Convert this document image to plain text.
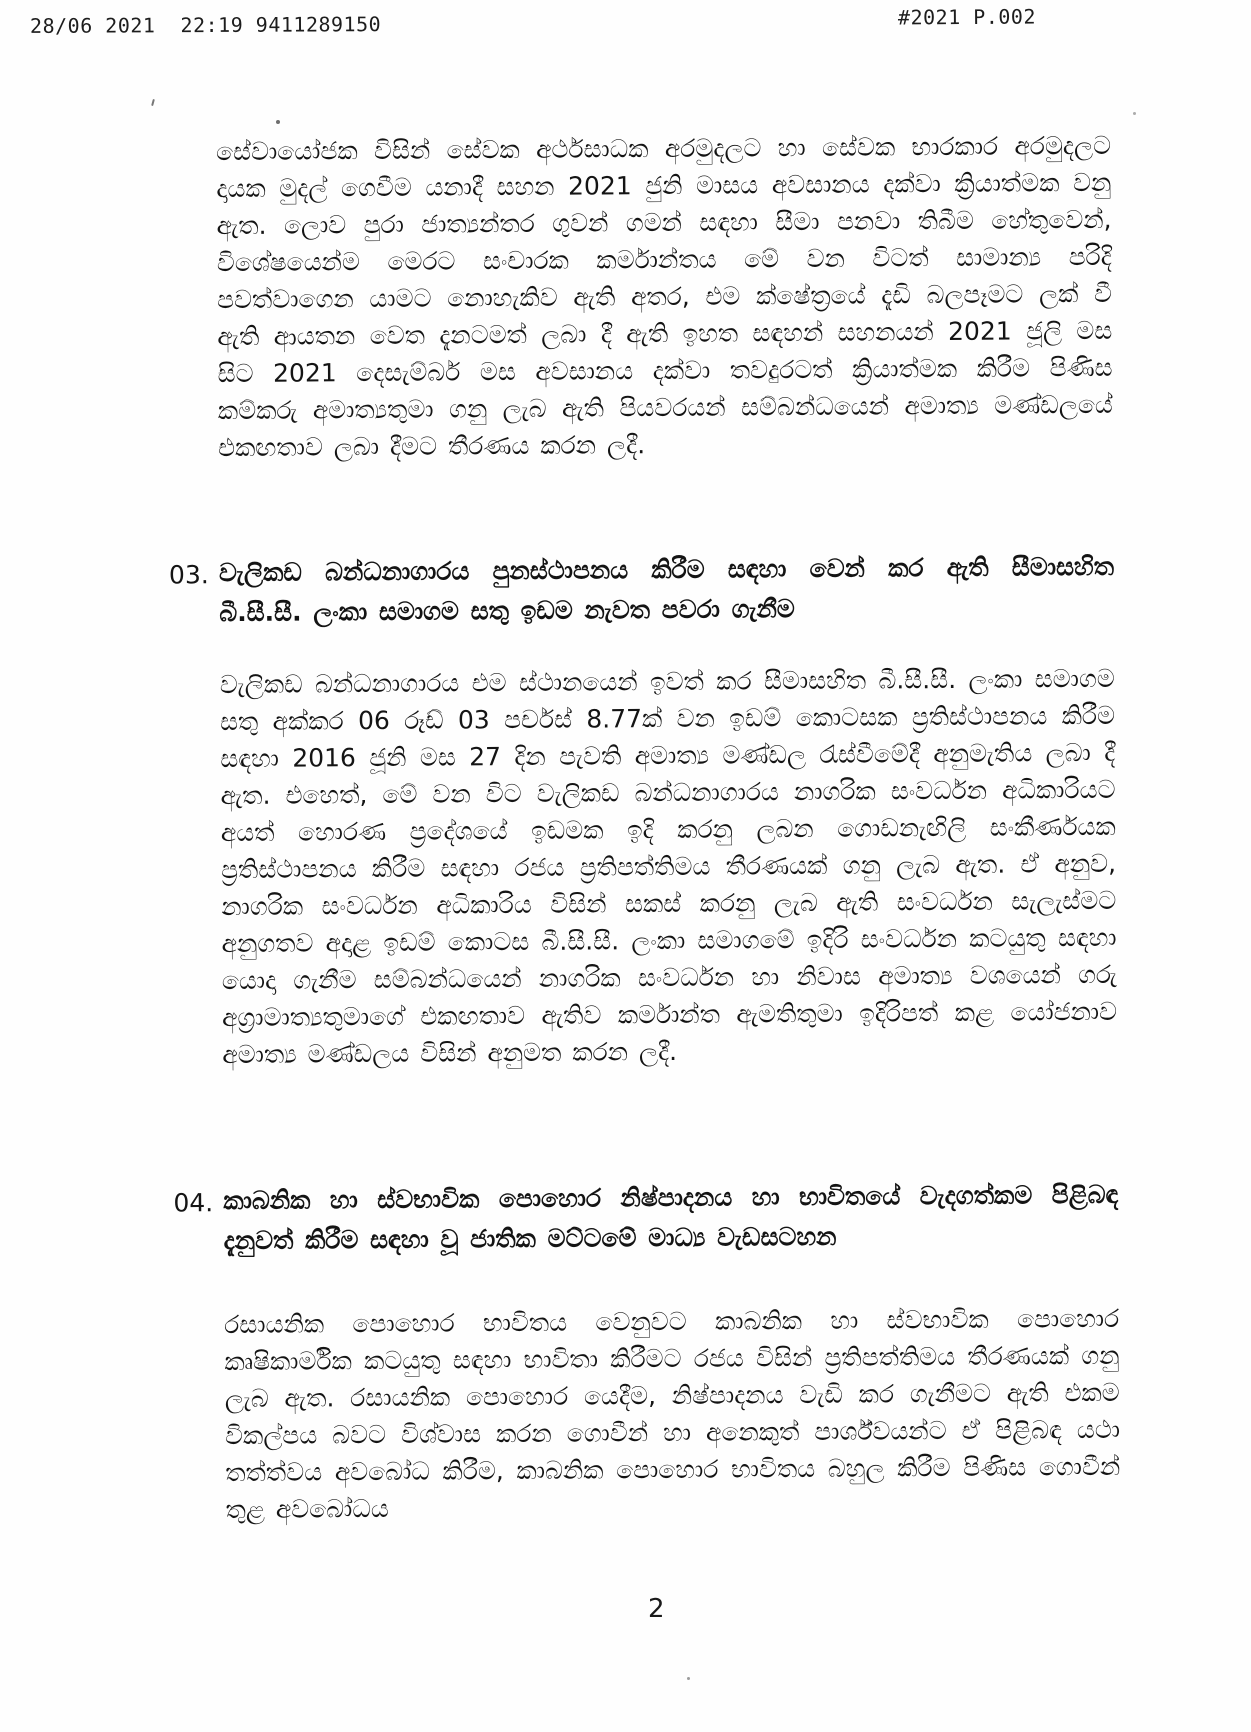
28/06 2021  22:19 9411289150	#2021 P.002

සේවායෝජක විසින් සේවක අර්ථසාධක අරමුදලට හා සේවක භාරකාර අරමුදලට දායක මුදල් ගෙවීම යනාදී සහන 2021 ජුනි මාසය අවසානය දක්වා ක්‍රියාත්මක වනු ඇත. ලොව පුරා ජාත්‍යන්තර ගුවන් ගමන් සඳහා සීමා පනවා තිබීම හේතුවෙන්, විශේෂයෙන්ම මෙරට සංචාරක කර්මාන්තය මේ වන විටත් සාමාන්‍ය පරිදි පවත්වාගෙන යාමට නොහැකිව ඇති අතර, එම ක්ෂේත්‍රයේ දැඩි බලපෑමට ලක් වී ඇති ආයතන වෙත දැනටමත් ලබා දී ඇති ඉහත සඳහන් සහනයන් 2021 ජූලි මස සිට 2021 දෙසැම්බර් මස අවසානය දක්වා තවදුරටත් ක්‍රියාත්මක කිරීම පිණිස කම්කරු අමාත්‍යතුමා ගනු ලැබ ඇති පියවරයන් සම්බන්ධයෙන් අමාත්‍ය මණ්ඩලයේ එකඟතාව ලබා දීමට තීරණය කරන ලදී.

03. වැලිකඩ බන්ධනාගාරය පුනස්ථාපනය කිරීම සඳහා වෙන් කර ඇති සීමාසහිත බී.සී.සී. ලංකා සමාගම සතු ඉඩම නැවත පවරා ගැනීම

වැලිකඩ බන්ධනාගාරය එම ස්ථානයෙන් ඉවත් කර සීමාසහිත බී.සී.සී. ලංකා සමාගම සතු අක්කර 06 රූඩ් 03 පර්චස් 8.77ක් වන ඉඩම් කොටසක ප්‍රතිස්ථාපනය කිරීම සඳහා 2016 ජූනි මස 27 දින පැවති අමාත්‍ය මණ්ඩල රැස්වීමේදී අනුමැතිය ලබා දී ඇත. එහෙත්, මේ වන විට වැලිකඩ බන්ධනාගාරය නාගරික සංවර්ධන අධිකාරියට අයත් හොරණ ප්‍රදේශයේ ඉඩමක ඉදි කරනු ලබන ගොඩනැඟිලි සංකීර්ණයක ප්‍රතිස්ථාපනය කිරීම සඳහා රජය ප්‍රතිපත්තිමය තීරණයක් ගනු ලැබ ඇත. ඒ අනුව, නාගරික සංවර්ධන අධිකාරිය විසින් සකස් කරනු ලැබ ඇති සංවර්ධන සැලැස්මට අනුගතව අදාළ ඉඩම් කොටස බී.සී.සී. ලංකා සමාගමේ ඉදිරි සංවර්ධන කටයුතු සඳහා යොදා ගැනීම සම්බන්ධයෙන් නාගරික සංවර්ධන හා නිවාස අමාත්‍ය වශයෙන් ගරු අග්‍රාමාත්‍යතුමාගේ එකඟතාව ඇතිව කර්මාන්ත ඇමතිතුමා ඉදිරිපත් කළ යෝජනාව අමාත්‍ය මණ්ඩලය විසින් අනුමත කරන ලදී.

04. කාබනික හා ස්වභාවික පොහොර නිෂ්පාදනය හා භාවිතයේ වැදගත්කම පිළිබඳ දැනුවත් කිරීම සඳහා වූ ජාතික මට්ටමේ මාධ්‍ය වැඩසටහන

රසායනික පොහොර භාවිතය වෙනුවට කාබනික හා ස්වභාවික පොහොර කෘෂිකාර්මික කටයුතු සඳහා භාවිතා කිරීමට රජය විසින් ප්‍රතිපත්තිමය තීරණයක් ගනු ලැබ ඇත. රසායනික පොහොර යෙදීම, නිෂ්පාදනය වැඩි කර ගැනීමට ඇති එකම විකල්පය බවට විශ්වාස කරන ගොවීන් හා අනෙකුත් පාර්ශ්වයන්ට ඒ පිළිබඳ යථා තත්ත්වය අවබෝධ කිරීම, කාබනික පොහොර භාවිතය බහුල කිරීම පිණිස ගොවීන් තුළ අවබෝධය

2
